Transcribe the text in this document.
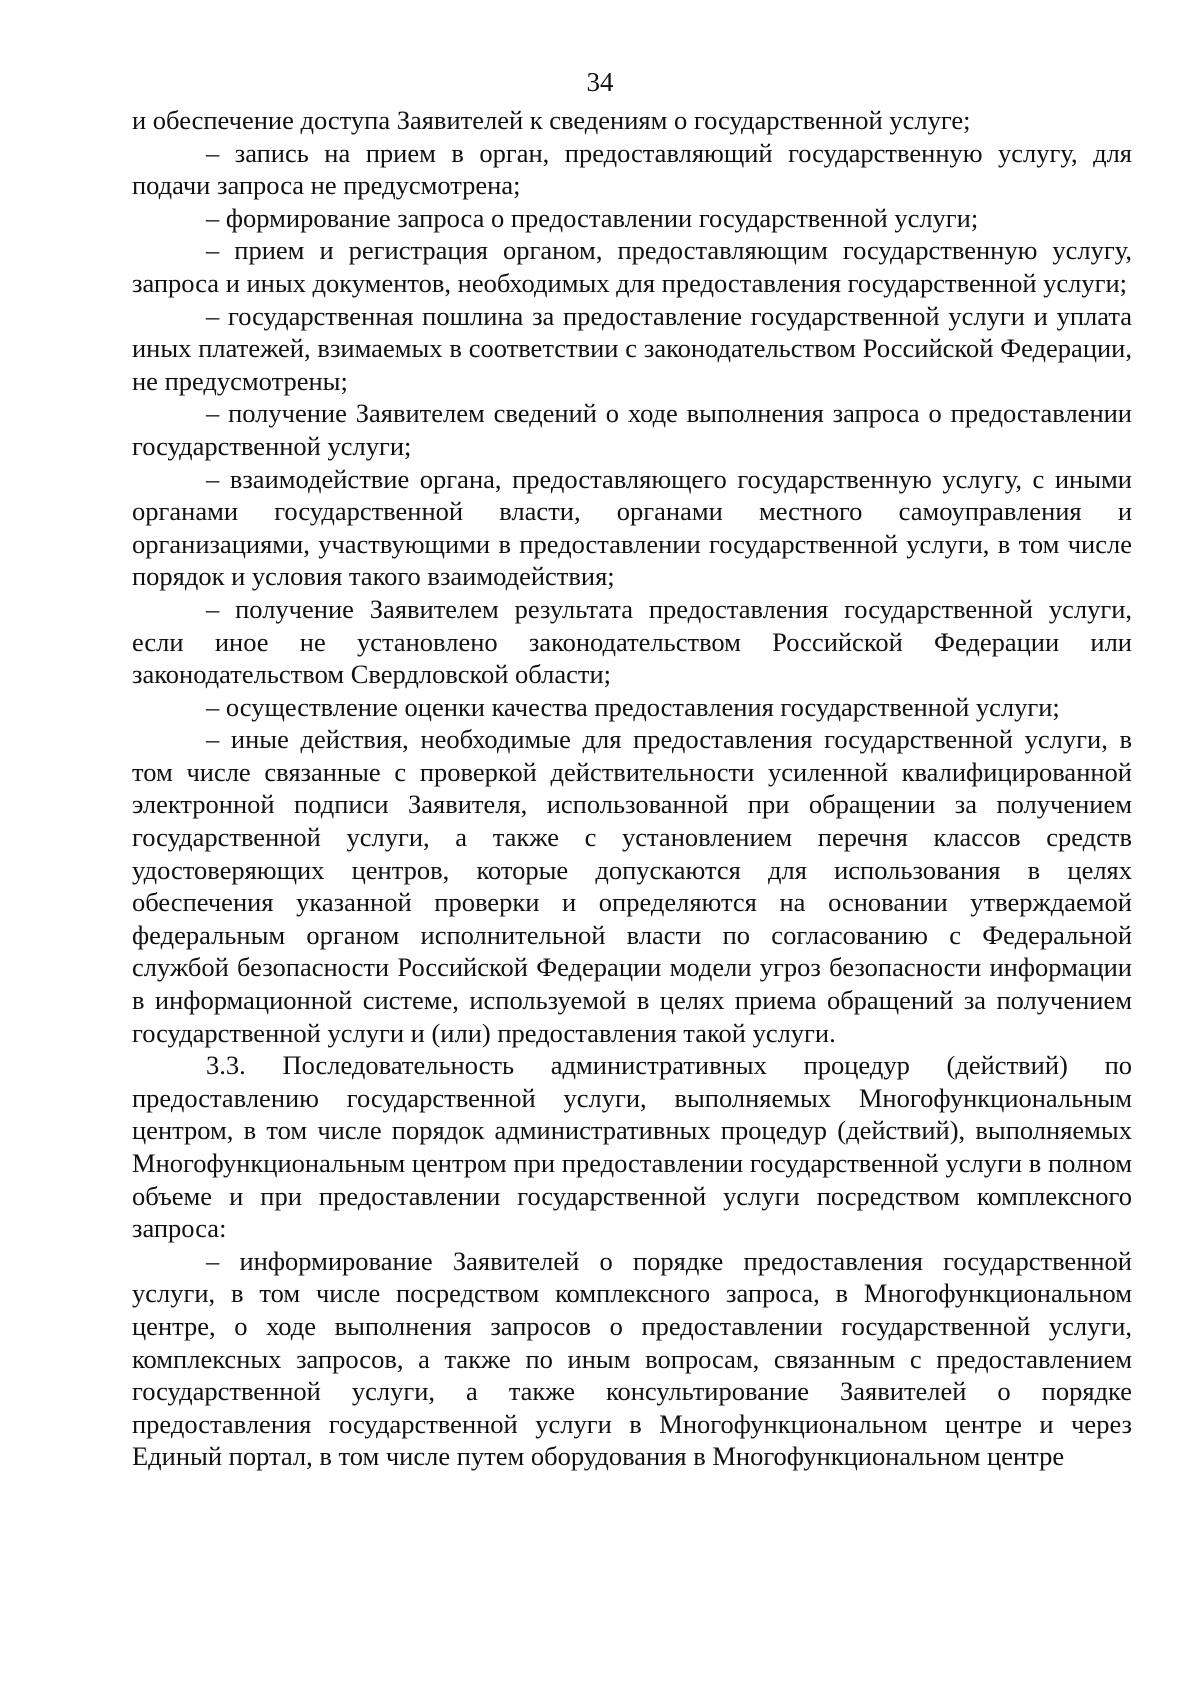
34

и обеспечение доступа Заявителей к сведениям о государственной услуге;

– запись на прием в орган, предоставляющий государственную услугу, для подачи запроса не предусмотрена;

– формирование запроса о предоставлении государственной услуги;

– прием и регистрация органом, предоставляющим государственную услугу, запроса и иных документов, необходимых для предоставления государственной услуги;

– государственная пошлина за предоставление государственной услуги и уплата иных платежей, взимаемых в соответствии с законодательством Российской Федерации, не предусмотрены;

– получение Заявителем сведений о ходе выполнения запроса о предоставлении государственной услуги;

– взаимодействие органа, предоставляющего государственную услугу, с иными органами государственной власти, органами местного самоуправления и организациями, участвующими в предоставлении государственной услуги, в том числе порядок и условия такого взаимодействия;

– получение Заявителем результата предоставления государственной услуги, если иное не установлено законодательством Российской Федерации или законодательством Свердловской области;

– осуществление оценки качества предоставления государственной услуги;

– иные действия, необходимые для предоставления государственной услуги, в том числе связанные с проверкой действительности усиленной квалифицированной электронной подписи Заявителя, использованной при обращении за получением государственной услуги, а также с установлением перечня классов средств удостоверяющих центров, которые допускаются для использования в целях обеспечения указанной проверки и определяются на основании утверждаемой федеральным органом исполнительной власти по согласованию с Федеральной службой безопасности Российской Федерации модели угроз безопасности информации в информационной системе, используемой в целях приема обращений за получением государственной услуги и (или) предоставления такой услуги.

3.3. Последовательность административных процедур (действий) по предоставлению государственной услуги, выполняемых Многофункциональным центром, в том числе порядок административных процедур (действий), выполняемых Многофункциональным центром при предоставлении государственной услуги в полном объеме и при предоставлении государственной услуги посредством комплексного запроса:

– информирование Заявителей о порядке предоставления государственной услуги, в том числе посредством комплексного запроса, в Многофункциональном центре, о ходе выполнения запросов о предоставлении государственной услуги, комплексных запросов, а также по иным вопросам, связанным с предоставлением государственной услуги, а также консультирование Заявителей о порядке предоставления государственной услуги в Многофункциональном центре и через Единый портал, в том числе путем оборудования в Многофункциональном центре
